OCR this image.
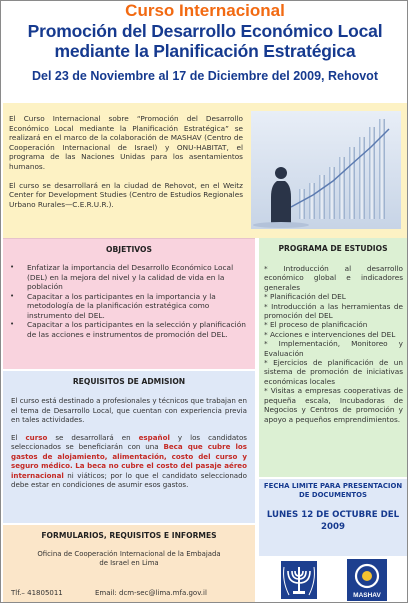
Curso Internacional
Promoción del Desarrollo Económico Local
mediante la Planificación Estratégica
Del 23 de Noviembre al 17 de Diciembre del 2009, Rehovot

El Curso Internacional sobre “Promoción del Desarrollo Económico Local mediante la Planificación Estratégica” se realizará en el marco de la colaboración de MASHAV (Centro de Cooperación Internacional de Israel) y ONU-HABITAT, el programa de las Naciones Unidas para los asentamientos humanos.

El curso se desarrollará en la ciudad de Rehovot, en el Weitz Center for Development Studies (Centro de Estudios Regionales Urbano Rurales—C.E.R.U.R.).

OBJETIVOS
• Enfatizar la importancia del Desarrollo Económico Local (DEL) en la mejora del nivel y la calidad de vida en la población
• Capacitar a los participantes en la importancia y la metodología de la planificación estratégica como instrumento del DEL.
• Capacitar a los participantes en la selección y planificación de las acciones e instrumentos de promoción del DEL.
REQUISITOS DE ADMISION

El curso está destinado a profesionales y técnicos que trabajan en el tema de Desarrollo Local, que cuentan con experiencia previa en tales actividades.

El curso se desarrollará en español y los candidatos seleccionados se beneficiarán con una Beca que cubre los gastos de alojamiento, alimentación, costo del curso y seguro médico. La beca no cubre el costo del pasaje aéreo internacional ni viáticos; por lo que el candidato seleccionado debe estar en condiciones de asumir esos gastos.

FORMULARIOS, REQUISITOS E INFORMES
Oficina de Cooperación Internacional de la Embajada de Israel en Lima
Tlf.– 41805011	Email: dcm-sec@lima.mfa.gov.il
PROGRAMA DE ESTUDIOS
* Introducción al desarrollo económico global e indicadores generales
* Planificación del DEL
* Introducción a las herramientas de promoción del DEL
* El proceso de planificación
* Acciones e intervenciones del DEL
* Implementación, Monitoreo y Evaluación
* Ejercicios de planificación de un sistema de promoción de iniciativas económicas locales
* Visitas a empresas cooperativas de pequeña escala, Incubadoras de Negocios y Centros de promoción y apoyo a pequeños emprendimientos.
FECHA LIMITE PARA PRESENTACION DE DOCUMENTOS
LUNES 12 DE OCTUBRE DEL 2009
MASHAV
